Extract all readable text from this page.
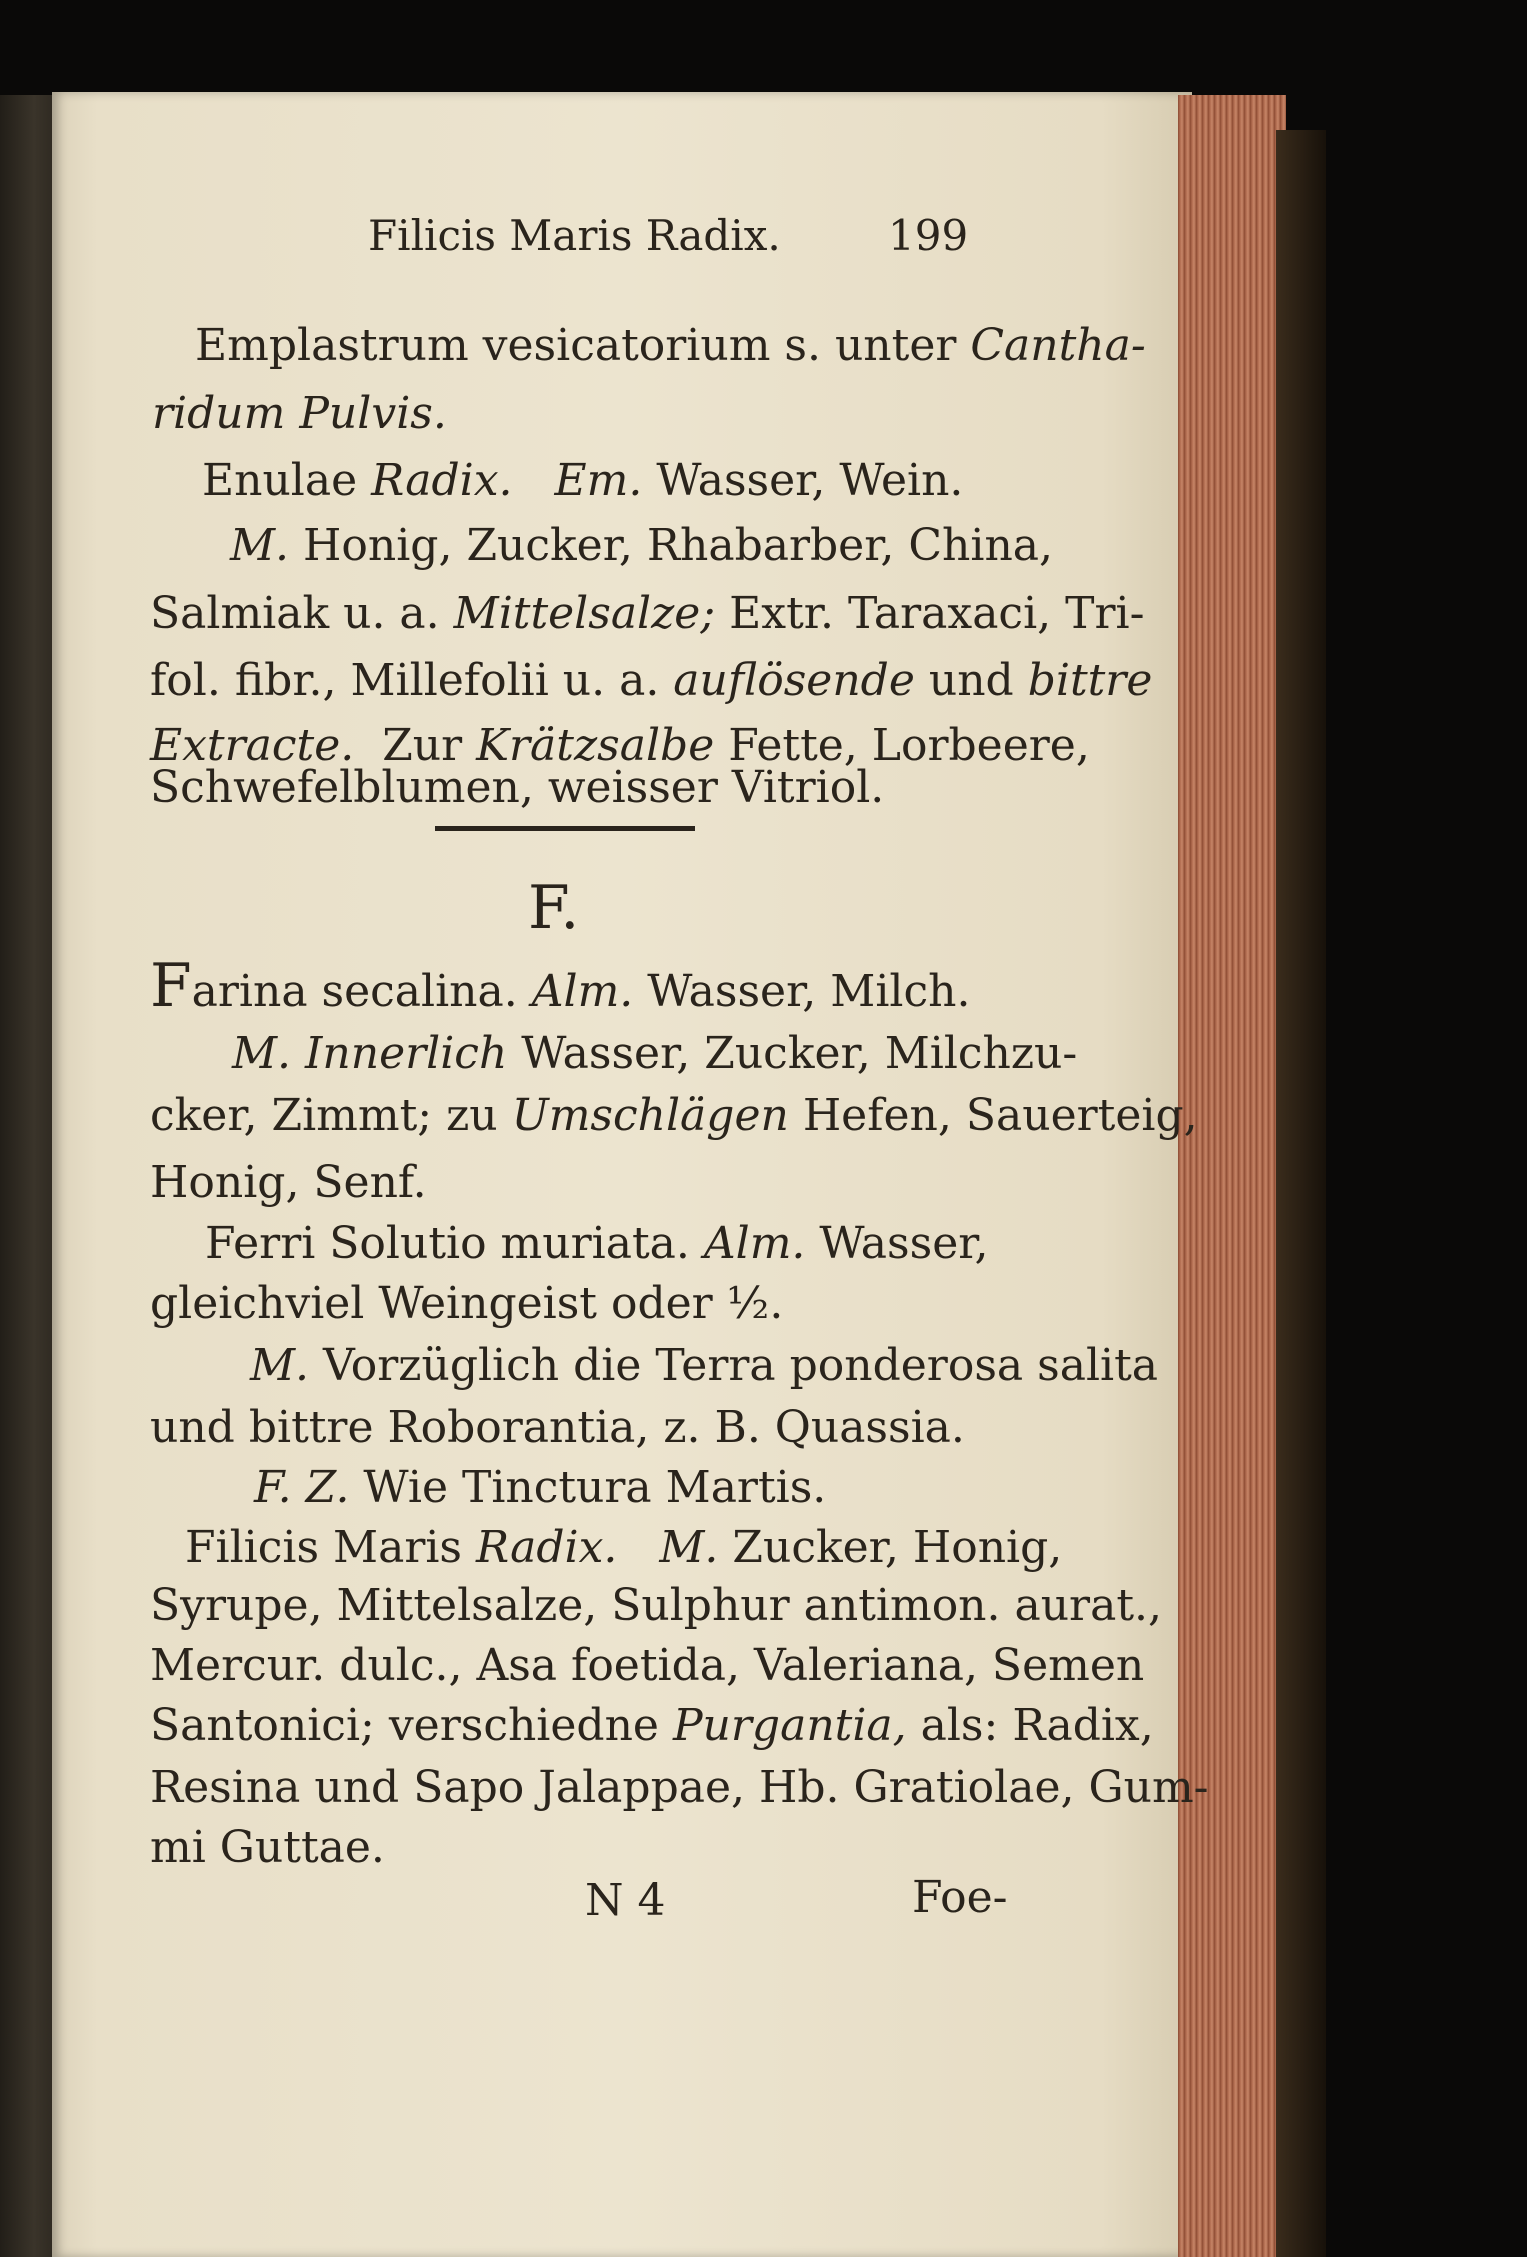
Filicis Maris Radix.	199
Emplastrum vesicatorium s. unter Cantha-
ridum Pulvis.
Enulae Radix. Em. Wasser, Wein.
M. Honig, Zucker, Rhabarber, China,
Salmiak u. a. Mittelsalze; Extr. Taraxaci, Tri-
fol. fibr., Millefolii u. a. auflösende und bittre
Extracte.  Zur Krätzsalbe Fette, Lorbeere,
Schwefelblumen, weisser Vitriol.
F.
Farina secalina. Alm. Wasser, Milch.
M. Innerlich Wasser, Zucker, Milchzu-
cker, Zimmt; zu Umschlägen Hefen, Sauerteig,
Honig, Senf.
Ferri Solutio muriata. Alm. Wasser,
gleichviel Weingeist oder ½.
M. Vorzüglich die Terra ponderosa salita
und bittre Roborantia, z. B. Quassia.
F. Z. Wie Tinctura Martis.
Filicis Maris Radix. M. Zucker, Honig,
Syrupe, Mittelsalze, Sulphur antimon. aurat.,
Mercur. dulc., Asa foetida, Valeriana, Semen
Santonici; verschiedne Purgantia, als: Radix,
Resina und Sapo Jalappae, Hb. Gratiolae, Gum-
mi Guttae.
N 4	Foe-
